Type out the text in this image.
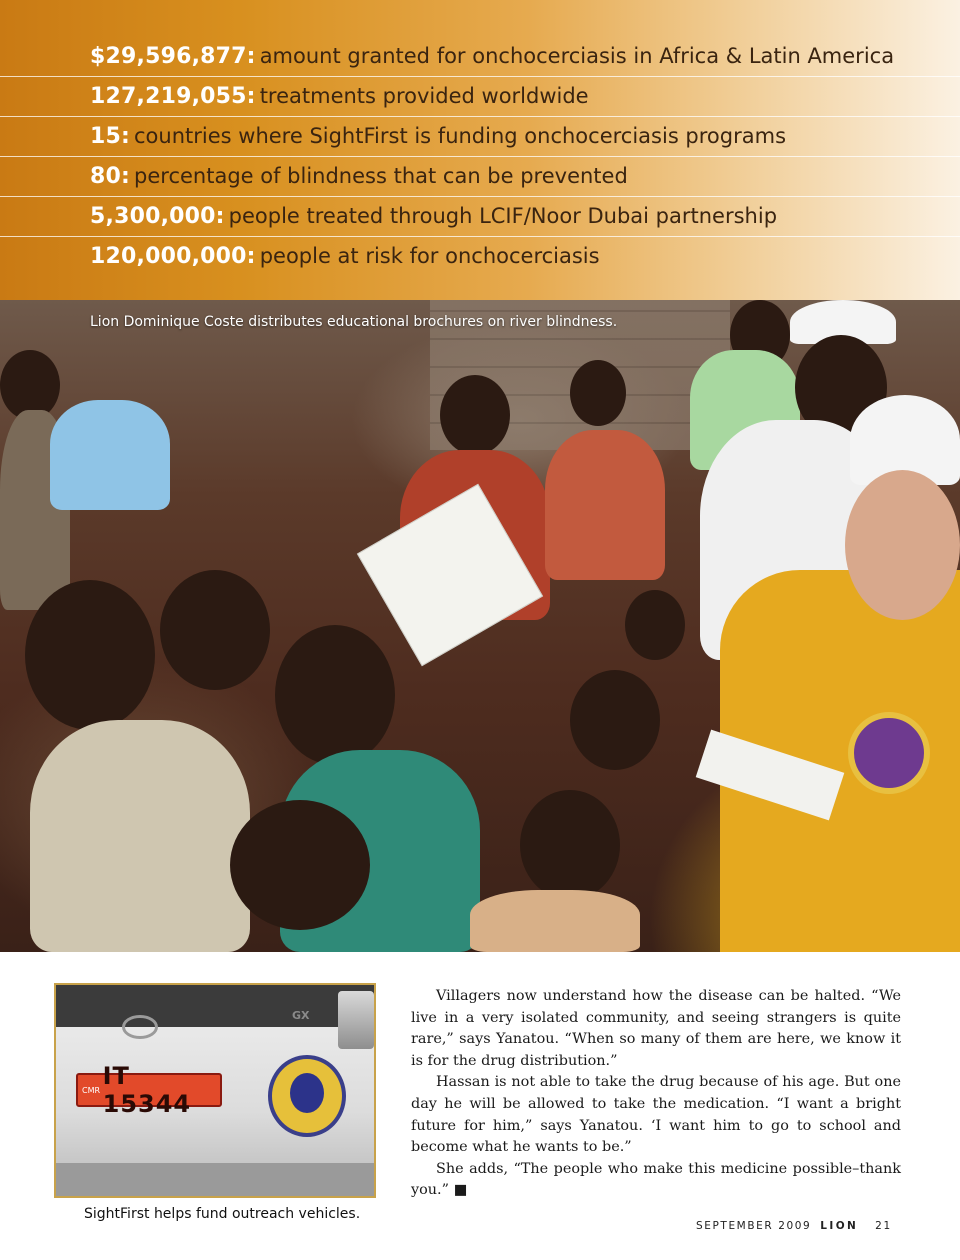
$29,596,877: amount granted for onchocerciasis in Africa & Latin America
127,219,055: treatments provided worldwide
15: countries where SightFirst is funding onchocerciasis programs
80: percentage of blindness that can be prevented
5,300,000: people treated through LCIF/Noor Dubai partnership
120,000,000: people at risk for onchocerciasis
Lion Dominique Coste distributes educational brochures on river blindness.
GX
CMR IT 15344
SightFirst helps fund outreach vehicles.

Villagers now understand how the disease can be halted. “We live in a very isolated community, and seeing strangers is quite rare,” says Yanatou. “When so many of them are here, we know it is for the drug distribution.”

Hassan is not able to take the drug because of his age. But one day he will be allowed to take the medication. “I want a bright future for him,” says Yanatou. ‘I want him to go to school and become what he wants to be.”

She adds, “The people who make this medicine possible–thank you.” ■

SEPTEMBER 2009 LION 21
